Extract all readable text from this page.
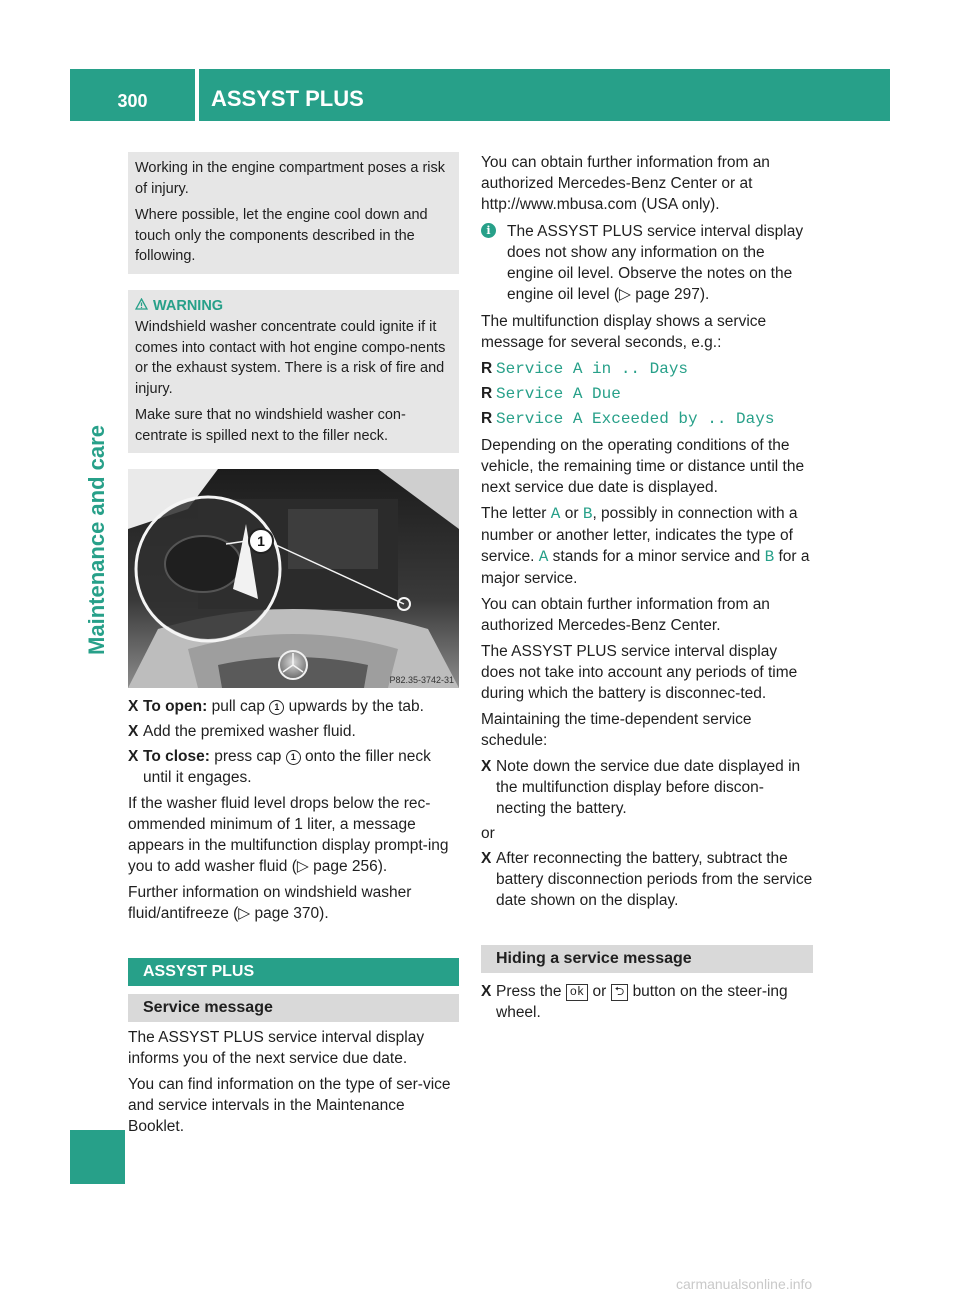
300	ASSYST PLUS
Maintenance and care

Working in the engine compartment poses a risk of injury.

Where possible, let the engine cool down and touch only the components described in the following.

WARNING

Windshield washer concentrate could ignite if it comes into contact with hot engine compo-nents or the exhaust system. There is a risk of fire and injury.

Make sure that no windshield washer con-centrate is spilled next to the filler neck.

1
P82.35-3742-31
X To open: pull cap 1 upwards by the tab.
X Add the premixed washer fluid.
X To close: press cap 1 onto the filler neck until it engages.

If the washer fluid level drops below the rec-ommended minimum of 1 liter, a message appears in the multifunction display prompt-ing you to add washer fluid (▷ page 256).

Further information on windshield washer fluid/antifreeze (▷ page 370).

ASSYST PLUS
Service message

The ASSYST PLUS service interval display informs you of the next service due date.

You can find information on the type of ser-vice and service intervals in the Maintenance Booklet.

You can obtain further information from an authorized Mercedes-Benz Center or at http://www.mbusa.com (USA only).

i	The ASSYST PLUS service interval display does not show any information on the engine oil level. Observe the notes on the engine oil level (▷ page 297).

The multifunction display shows a service message for several seconds, e.g.:

R Service A in .. Days
R Service A Due
R Service A Exceeded by .. Days

Depending on the operating conditions of the vehicle, the remaining time or distance until the next service due date is displayed.

The letter A or B, possibly in connection with a number or another letter, indicates the type of service. A stands for a minor service and B for a major service.

You can obtain further information from an authorized Mercedes-Benz Center.

The ASSYST PLUS service interval display does not take into account any periods of time during which the battery is disconnec-ted.

Maintaining the time-dependent service schedule:

X Note down the service due date displayed in the multifunction display before discon-necting the battery.

or

X After reconnecting the battery, subtract the battery disconnection periods from the service date shown on the display.
Hiding a service message
X Press the ok or ⮌ button on the steer-ing wheel.
carmanualsonline.info
